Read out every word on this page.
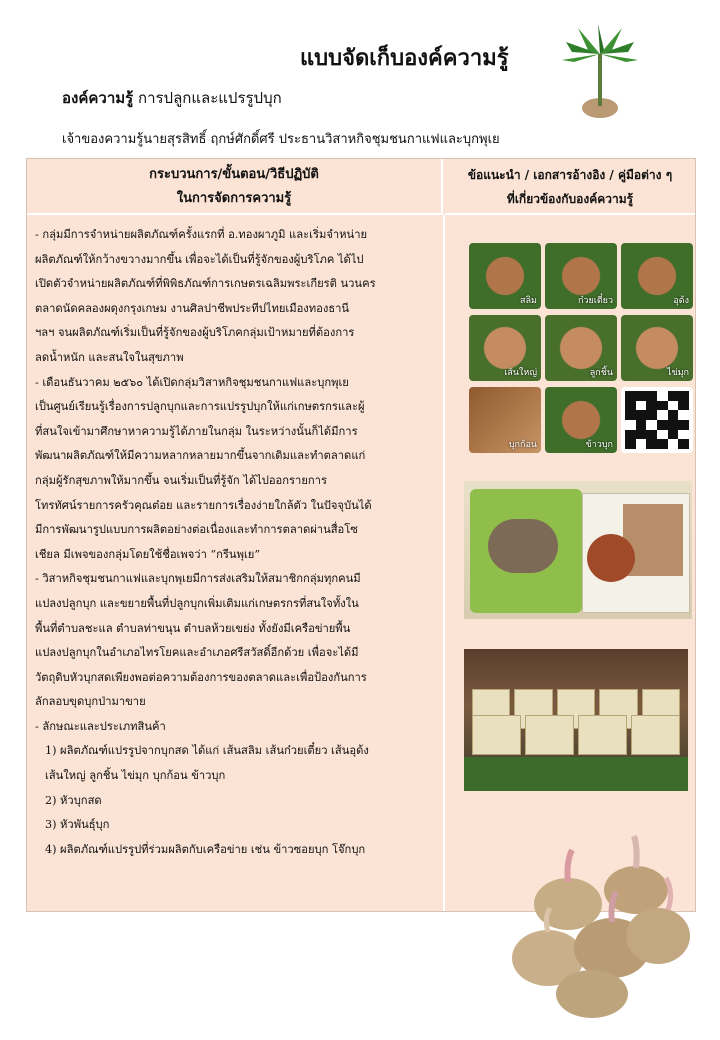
แบบจัดเก็บองค์ความรู้
องค์ความรู้ การปลูกและแปรรูปบุก
เจ้าของความรู้นายสุรสิทธิ์ ฤกษ์ศักดิ์ศรี ประธานวิสาหกิจชุมชนกาแฟและบุกพุเย
กระบวนการ/ขั้นตอน/วิธีปฏิบัติ
ในการจัดการความรู้
ข้อแนะนำ / เอกสารอ้างอิง / คู่มือต่าง ๆ
ที่เกี่ยวข้องกับองค์ความรู้

- กลุ่มมีการจำหน่ายผลิตภัณฑ์ครั้งแรกที่ อ.ทองผาภูมิ และเริ่มจำหน่าย

ผลิตภัณฑ์ให้กว้างขวางมากขึ้น เพื่อจะได้เป็นที่รู้จักของผู้บริโภค ได้ไป

เปิดตัวจำหน่ายผลิตภัณฑ์ที่พิพิธภัณฑ์การเกษตรเฉลิมพระเกียรติ นวนคร

ตลาดนัดคลองผดุงกรุงเกษม งานศิลปาชีพประทีปไทยเมืองทองธานี

ฯลฯ จนผลิตภัณฑ์เริ่มเป็นที่รู้จักของผู้บริโภคกลุ่มเป้าหมายที่ต้องการ

ลดน้ำหนัก และสนใจในสุขภาพ

- เดือนธันวาคม ๒๕๖๐ ได้เปิดกลุ่มวิสาหกิจชุมชนกาแฟและบุกพุเย

เป็นศูนย์เรียนรู้เรื่องการปลูกบุกและการแปรรูปบุกให้แก่เกษตรกรและผู้

ที่สนใจเข้ามาศึกษาหาความรู้ได้ภายในกลุ่ม ในระหว่างนั้นก็ได้มีการ

พัฒนาผลิตภัณฑ์ให้มีความหลากหลายมากขึ้นจากเดิมและทำตลาดแก่

กลุ่มผู้รักสุขภาพให้มากขึ้น จนเริ่มเป็นที่รู้จัก ได้ไปออกรายการ

โทรทัศน์รายการครัวคุณต๋อย และรายการเรื่องง่ายใกล้ตัว ในปัจจุบันได้

มีการพัฒนารูปแบบการผลิตอย่างต่อเนื่องและทำการตลาดผ่านสื่อโซ

เชียล มีเพจของกลุ่มโดยใช้ชื่อเพจว่า “กรีนพุเย”

- วิสาหกิจชุมชนกาแฟและบุกพุเยมีการส่งเสริมให้สมาชิกกลุ่มทุกคนมี

แปลงปลูกบุก และขยายพื้นที่ปลูกบุกเพิ่มเติมแก่เกษตรกรที่สนใจทั้งใน

พื้นที่ตำบลชะแล ตำบลท่าขนุน ตำบลห้วยเขย่ง ทั้งยังมีเครือข่ายพื้น

แปลงปลูกบุกในอำเภอไทรโยคและอำเภอศรีสวัสดิ์อีกด้วย เพื่อจะได้มี

วัตถุดิบหัวบุกสดเพียงพอต่อความต้องการของตลาดและเพื่อป้องกันการ

ลักลอบขุดบุกป่ามาขาย

- ลักษณะและประเภทสินค้า

1) ผลิตภัณฑ์แปรรูปจากบุกสด ได้แก่ เส้นสลิม เส้นก๋วยเตี๋ยว เส้นอุด้ง

เส้นใหญ่ ลูกชิ้น ไข่มุก บุกก้อน ข้าวบุก

2) หัวบุกสด

3) หัวพันธุ์บุก

4) ผลิตภัณฑ์แปรรูปที่ร่วมผลิตกับเครือข่าย เช่น ข้าวซอยบุก โจ๊กบุก

สลิม	ก๋วยเตี๋ยว	อุด้ง
เส้นใหญ่	ลูกชิ้น	ไข่มุก
บุกก้อน	ข้าวบุก
